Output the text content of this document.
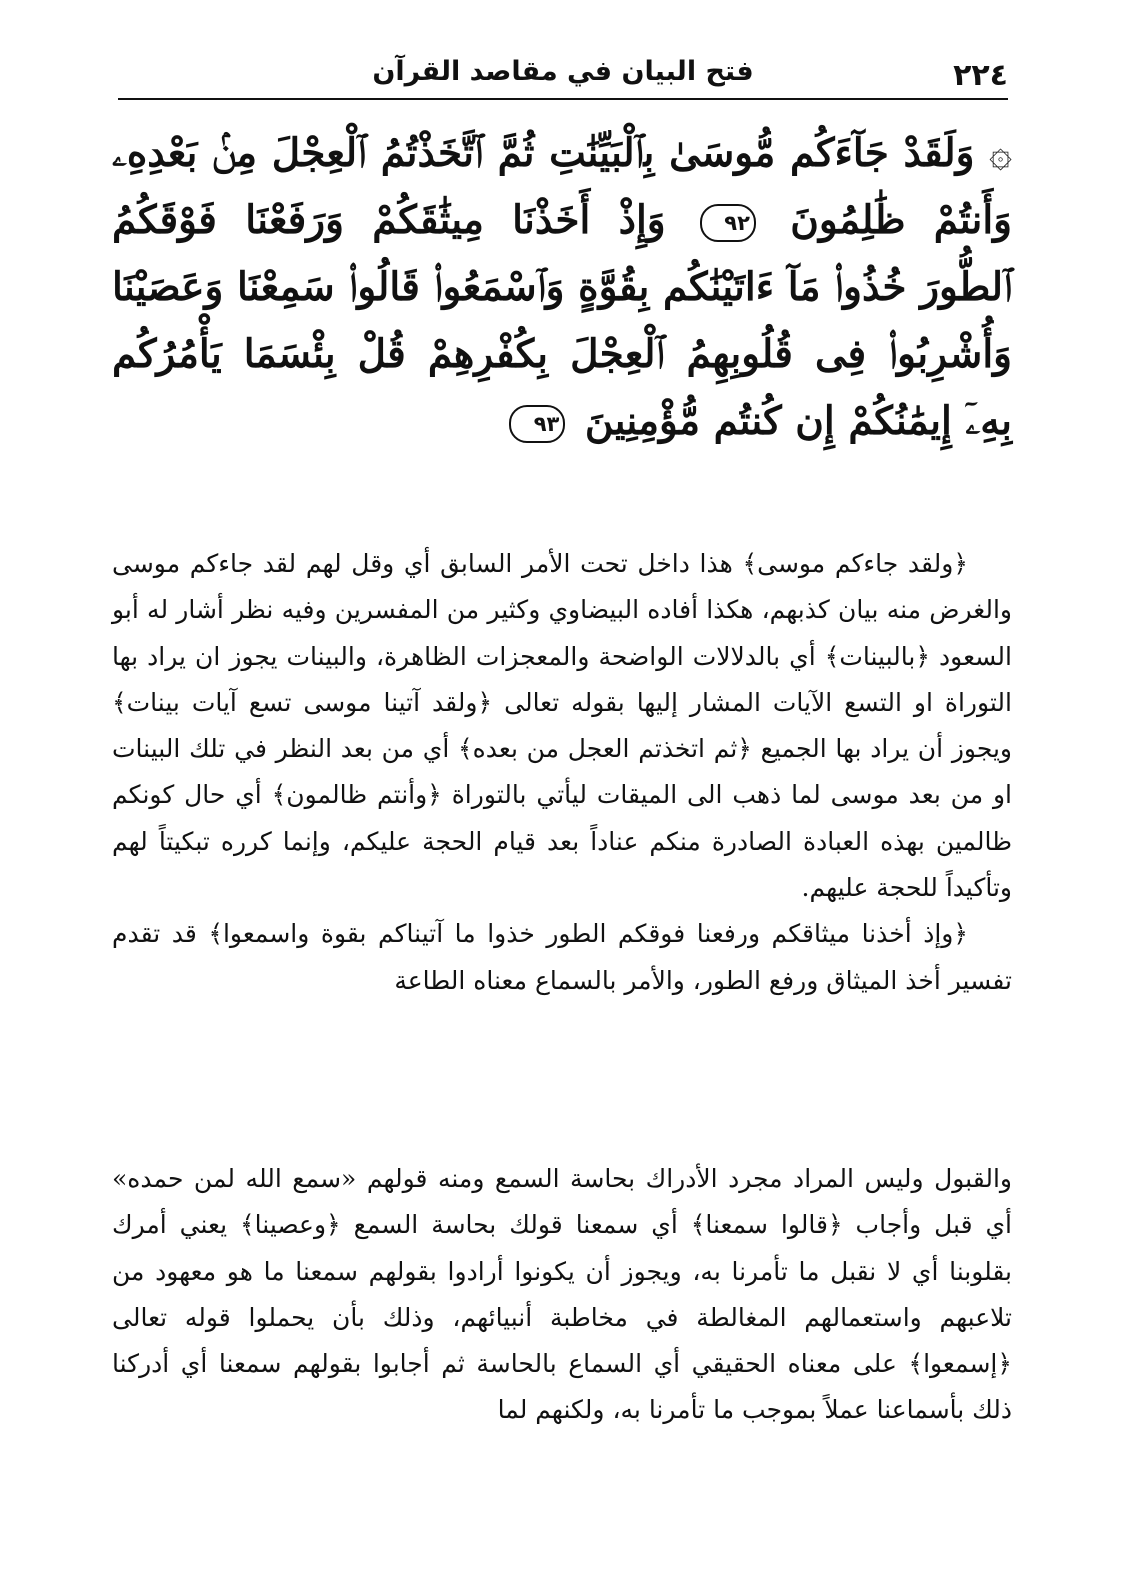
٢٢٤
فتح البيان في مقاصد القرآن

۞ وَلَقَدْ جَآءَكُم مُّوسَىٰ بِٱلْبَيِّنَٰتِ ثُمَّ ٱتَّخَذْتُمُ ٱلْعِجْلَ مِنۢ بَعْدِهِۦ وَأَنتُمْ ظَٰلِمُونَ ٩٢ وَإِذْ أَخَذْنَا مِيثَٰقَكُمْ وَرَفَعْنَا فَوْقَكُمُ ٱلطُّورَ خُذُوا۟ مَآ ءَاتَيْنَٰكُم بِقُوَّةٍ وَٱسْمَعُوا۟ قَالُوا۟ سَمِعْنَا وَعَصَيْنَا وَأُشْرِبُوا۟ فِى قُلُوبِهِمُ ٱلْعِجْلَ بِكُفْرِهِمْ قُلْ بِئْسَمَا يَأْمُرُكُم بِهِۦٓ إِيمَٰنُكُمْ إِن كُنتُم مُّؤْمِنِينَ ٩٣

﴿ولقد جاءكم موسى﴾ هذا داخل تحت الأمر السابق أي وقل لهم لقد جاءكم موسى والغرض منه بيان كذبهم، هكذا أفاده البيضاوي وكثير من المفسرين وفيه نظر أشار له أبو السعود ﴿بالبينات﴾ أي بالدلالات الواضحة والمعجزات الظاهرة، والبينات يجوز ان يراد بها التوراة او التسع الآيات المشار إليها بقوله تعالى ﴿ولقد آتينا موسى تسع آيات بينات﴾ ويجوز أن يراد بها الجميع ﴿ثم اتخذتم العجل من بعده﴾ أي من بعد النظر في تلك البينات او من بعد موسى لما ذهب الى الميقات ليأتي بالتوراة ﴿وأنتم ظالمون﴾ أي حال كونكم ظالمين بهذه العبادة الصادرة منكم عناداً بعد قيام الحجة عليكم، وإنما كرره تبكيتاً لهم وتأكيداً للحجة عليهم.

﴿وإذ أخذنا ميثاقكم ورفعنا فوقكم الطور خذوا ما آتيناكم بقوة واسمعوا﴾ قد تقدم تفسير أخذ الميثاق ورفع الطور، والأمر بالسماع معناه الطاعة

والقبول وليس المراد مجرد الأدراك بحاسة السمع ومنه قولهم «سمع الله لمن حمده» أي قبل وأجاب ﴿قالوا سمعنا﴾ أي سمعنا قولك بحاسة السمع ﴿وعصينا﴾ يعني أمرك بقلوبنا أي لا نقبل ما تأمرنا به، ويجوز أن يكونوا أرادوا بقولهم سمعنا ما هو معهود من تلاعبهم واستعمالهم المغالطة في مخاطبة أنبيائهم، وذلك بأن يحملوا قوله تعالى ﴿إسمعوا﴾ على معناه الحقيقي أي السماع بالحاسة ثم أجابوا بقولهم سمعنا أي أدركنا ذلك بأسماعنا عملاً بموجب ما تأمرنا به، ولكنهم لما
